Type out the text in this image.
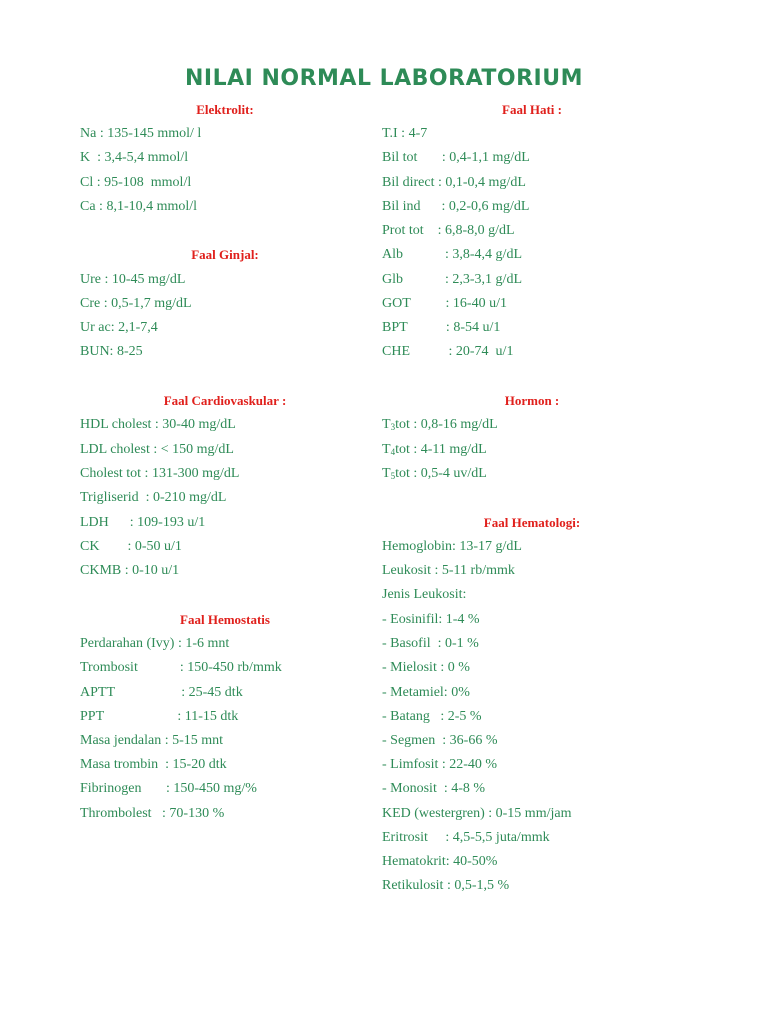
NILAI NORMAL LABORATORIUM
Elektrolit:
Na : 135-145 mmol/ l
K  : 3,4-5,4 mmol/l
Cl : 95-108  mmol/l
Ca : 8,1-10,4 mmol/l
Faal Ginjal:
Ure : 10-45 mg/dL
Cre : 0,5-1,7 mg/dL
Ur ac: 2,1-7,4
BUN: 8-25
Faal Cardiovaskular :
HDL cholest : 30-40 mg/dL
LDL cholest : < 150 mg/dL
Cholest tot : 131-300 mg/dL
Trigliserid  : 0-210 mg/dL
LDH      : 109-193 u/1
CK        : 0-50 u/1
CKMB : 0-10 u/1
Faal Hemostatis
Perdarahan (Ivy) : 1-6 mnt
Trombosit            : 150-450 rb/mmk
APTT                   : 25-45 dtk
PPT                     : 11-15 dtk
Masa jendalan : 5-15 mnt
Masa trombin  : 15-20 dtk
Fibrinogen       : 150-450 mg/%
Thrombolest   : 70-130 %
Faal Hati :
T.I : 4-7
Bil tot       : 0,4-1,1 mg/dL
Bil direct : 0,1-0,4 mg/dL
Bil ind      : 0,2-0,6 mg/dL
Prot tot    : 6,8-8,0 g/dL
Alb            : 3,8-4,4 g/dL
Glb            : 2,3-3,1 g/dL
GOT          : 16-40 u/1
BPT           : 8-54 u/1
CHE           : 20-74  u/1
Hormon :
$T_3tot$ : 0,8-16 mg/dL
$T_4tot$ : 4-11 mg/dL
$T_5tot$ : 0,5-4 uv/dL
Faal Hematologi:
Hemoglobin: 13-17 g/dL
Leukosit : 5-11 rb/mmk
Jenis Leukosit:
- Eosinifil: 1-4 %
- Basofil  : 0-1 %
- Mielosit : 0 %
- Metamiel: 0%
- Batang   : 2-5 %
- Segmen  : 36-66 %
- Limfosit : 22-40 %
- Monosit  : 4-8 %
KED (westergren) : 0-15 mm/jam
Eritrosit     : 4,5-5,5 juta/mmk
Hematokrit: 40-50%
Retikulosit : 0,5-1,5 %
